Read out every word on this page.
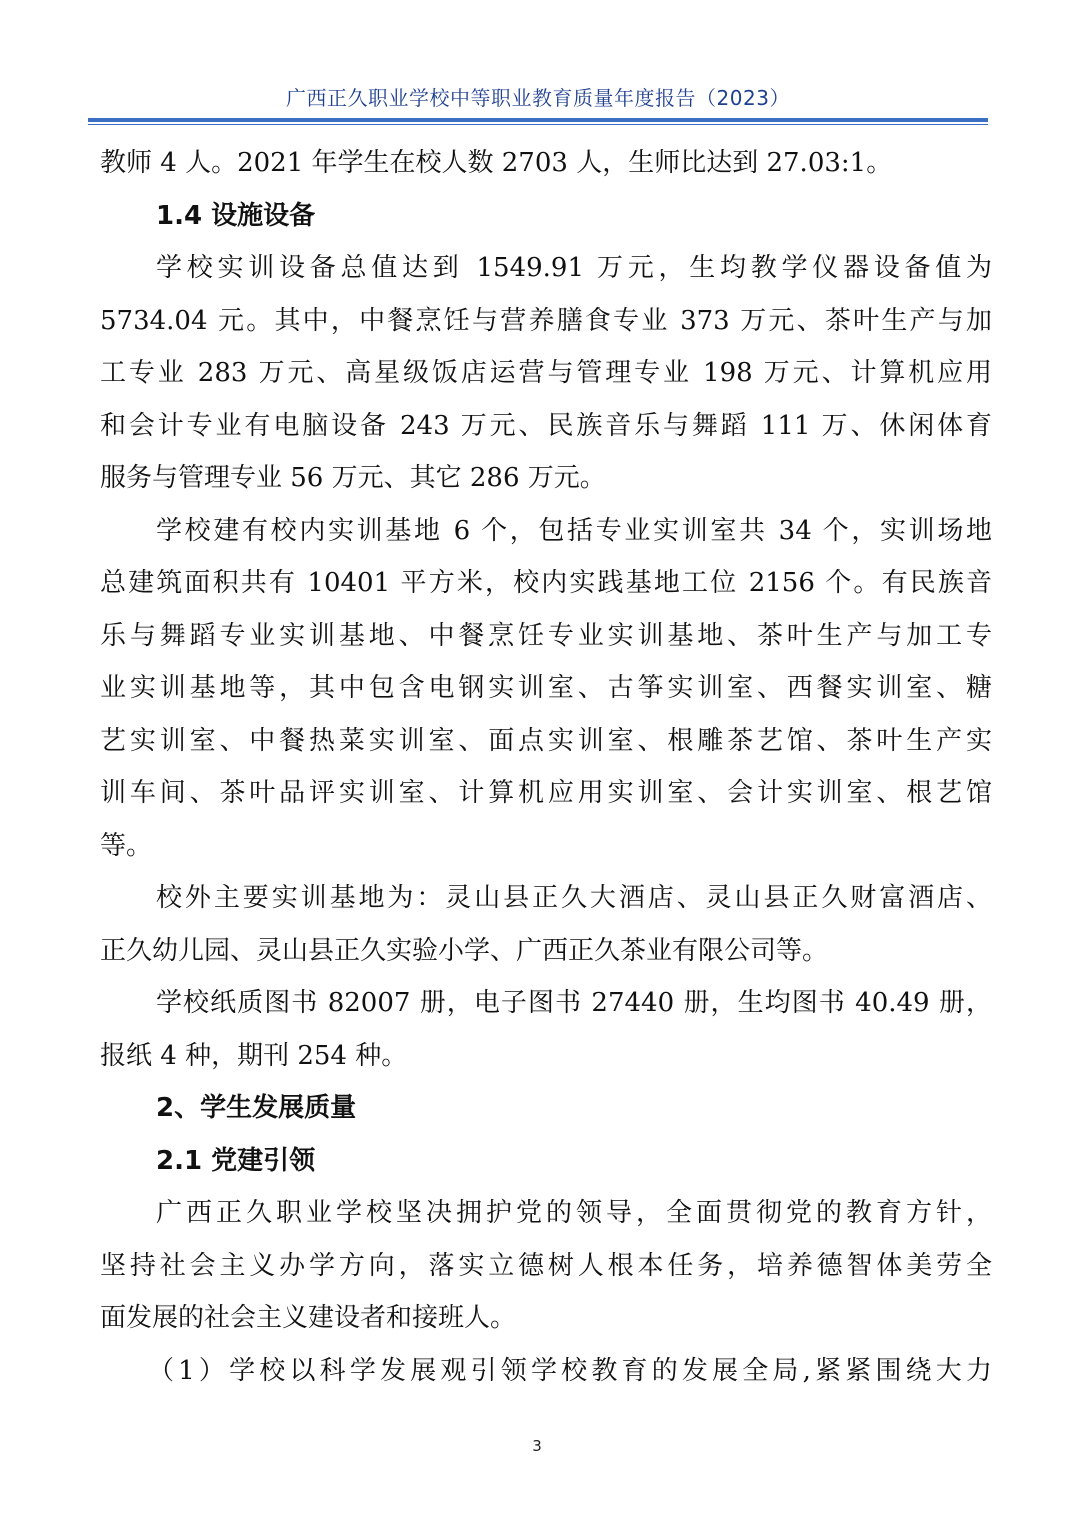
广西正久职业学校中等职业教育质量年度报告（2023）
教师 4 人。2021 年学生在校人数 2703 人，生师比达到 27.03:1。
1.4 设施设备
学校实训设备总值达到 1549.91 万元，生均教学仪器设备值为
5734.04 元。其中，中餐烹饪与营养膳食专业 373 万元、茶叶生产与加
工专业 283 万元、高星级饭店运营与管理专业 198 万元、计算机应用
和会计专业有电脑设备 243 万元、民族音乐与舞蹈 111 万、休闲体育
服务与管理专业 56 万元、其它 286 万元。
学校建有校内实训基地 6 个，包括专业实训室共 34 个，实训场地
总建筑面积共有 10401 平方米，校内实践基地工位 2156 个。有民族音
乐与舞蹈专业实训基地、中餐烹饪专业实训基地、茶叶生产与加工专
业实训基地等，其中包含电钢实训室、古筝实训室、西餐实训室、糖
艺实训室、中餐热菜实训室、面点实训室、根雕茶艺馆、茶叶生产实
训车间、茶叶品评实训室、计算机应用实训室、会计实训室、根艺馆
等。
校外主要实训基地为：灵山县正久大酒店、灵山县正久财富酒店、
正久幼儿园、灵山县正久实验小学、广西正久茶业有限公司等。
学校纸质图书 82007 册，电子图书 27440 册，生均图书 40.49 册，
报纸 4 种，期刊 254 种。
2、学生发展质量
2.1 党建引领
广西正久职业学校坚决拥护党的领导，全面贯彻党的教育方针，
坚持社会主义办学方向，落实立德树人根本任务，培养德智体美劳全
面发展的社会主义建设者和接班人。
（1）学校以科学发展观引领学校教育的发展全局,紧紧围绕大力
3
